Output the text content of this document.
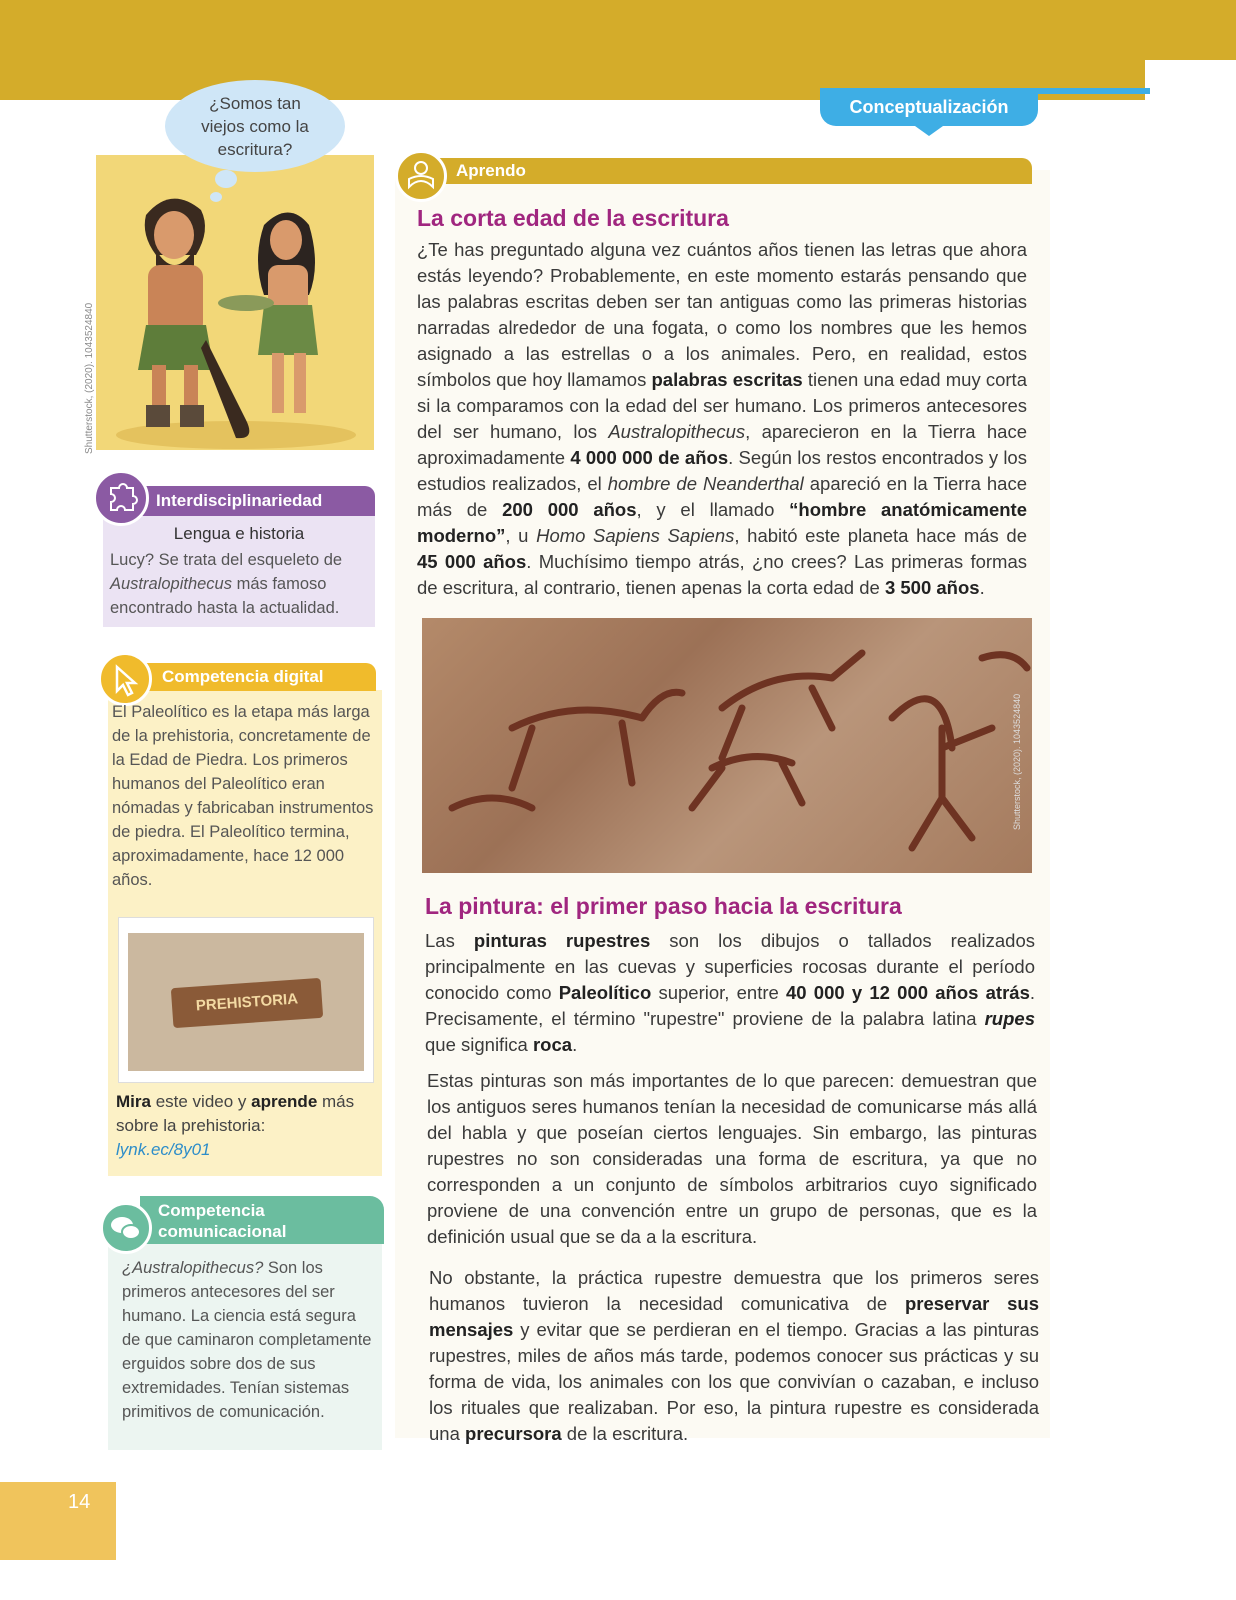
Conceptualización
Shutterstock, (2020). 1043524840
¿Somos tan viejos como la escritura?
Interdisciplinariedad
Lengua e historia
Lucy? Se trata del esqueleto de Australopithecus más famoso encontrado hasta la actualidad.
Competencia digital
El Paleolítico es la etapa más larga de la prehistoria, concretamente de la Edad de Piedra. Los primeros humanos del Paleolítico eran nómadas y fabricaban instrumentos de piedra. El Paleolítico termina, aproximadamente, hace 12 000 años.
PREHISTORIA
Mira este video y aprende más sobre la prehistoria:
lynk.ec/8y01
Competencia comunicacional
¿Australopithecus? Son los primeros antecesores del ser humano. La ciencia está segura de que caminaron completamente erguidos sobre dos de sus extremidades. Tenían sistemas primitivos de comunicación.
14
Aprendo
La corta edad de la escritura
¿Te has preguntado alguna vez cuántos años tienen las letras que ahora estás leyendo? Probablemente, en este momento estarás pensando que las palabras escritas deben ser tan antiguas como las primeras historias narradas alrededor de una fogata, o como los nombres que les hemos asignado a las estrellas o a los animales. Pero, en realidad, estos símbolos que hoy llamamos palabras escritas tienen una edad muy corta si la comparamos con la edad del ser humano. Los primeros antecesores del ser humano, los Australopithecus, aparecieron en la Tierra hace aproximadamente 4 000 000 de años. Según los restos encontrados y los estudios realizados, el hombre de Neanderthal apareció en la Tierra hace más de 200 000 años, y el llamado “hombre anatómicamente moderno”, u Homo Sapiens Sapiens, habitó este planeta hace más de 45 000 años. Muchísimo tiempo atrás, ¿no crees? Las primeras formas de escritura, al contrario, tienen apenas la corta edad de 3 500 años.
Shutterstock, (2020). 1043524840
La pintura: el primer paso hacia la escritura
Las pinturas rupestres son los dibujos o tallados realizados principalmente en las cuevas y superficies rocosas durante el período conocido como Paleolítico superior, entre 40 000 y 12 000 años atrás. Precisamente, el término "rupestre" proviene de la palabra latina rupes que significa roca.
Estas pinturas son más importantes de lo que parecen: demuestran que los antiguos seres humanos tenían la necesidad de comunicarse más allá del habla y que poseían ciertos lenguajes. Sin embargo, las pinturas rupestres no son consideradas una forma de escritura, ya que no corresponden a un conjunto de símbolos arbitrarios cuyo significado proviene de una convención entre un grupo de personas, que es la definición usual que se da a la escritura.
No obstante, la práctica rupestre demuestra que los primeros seres humanos tuvieron la necesidad comunicativa de preservar sus mensajes y evitar que se perdieran en el tiempo. Gracias a las pinturas rupestres, miles de años más tarde, podemos conocer sus prácticas y su forma de vida, los animales con los que convivían o cazaban, e incluso los rituales que realizaban. Por eso, la pintura rupestre es considerada una precursora de la escritura.
